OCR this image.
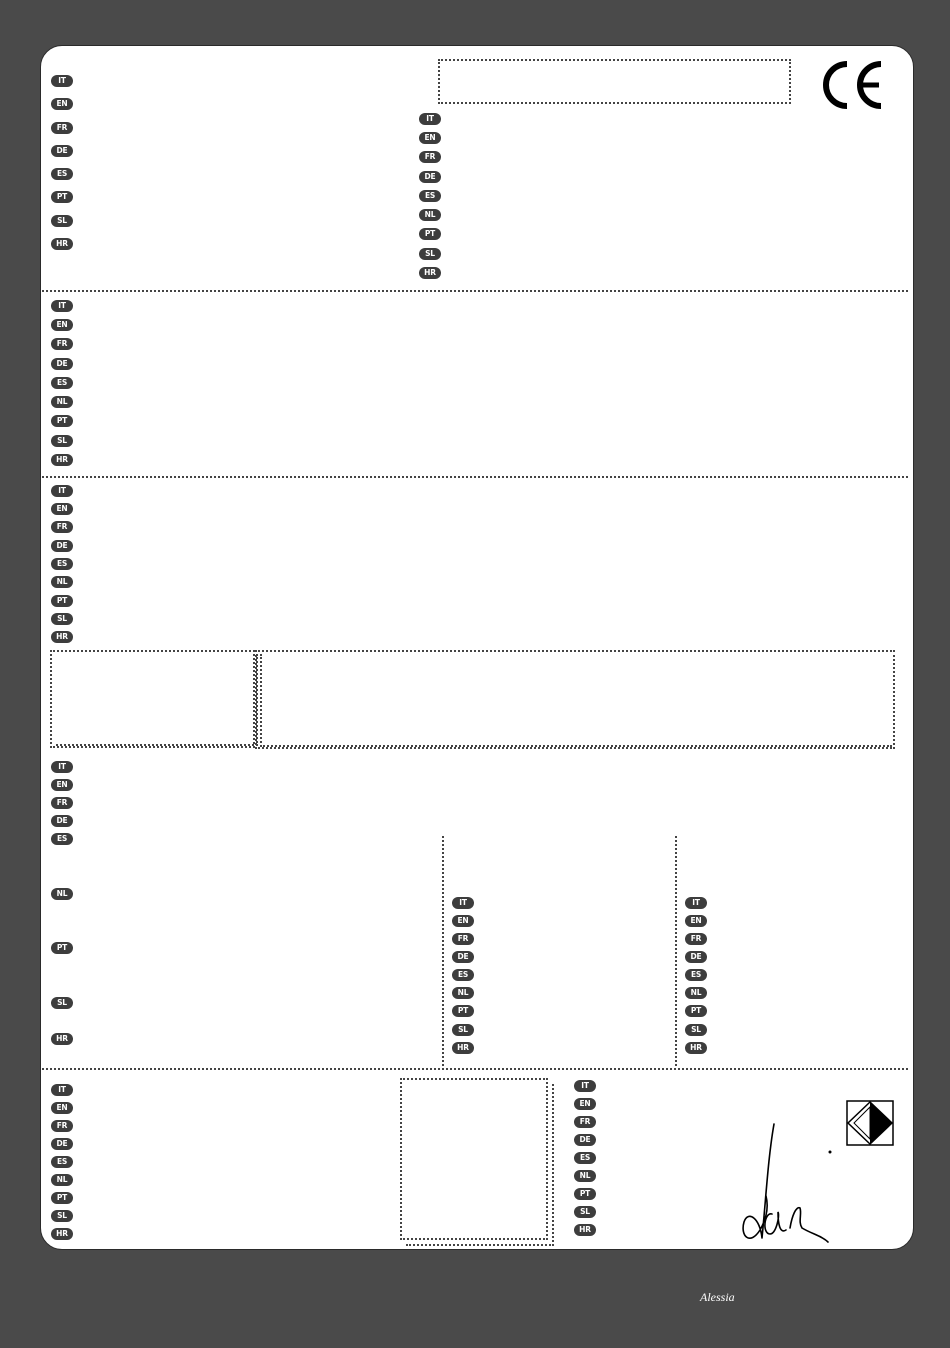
IT
EN
FR
DE
ES
PT
SL
HR
IT
EN
FR
DE
ES
NL
PT
SL
HR
IT
EN
FR
DE
ES
NL
PT
SL
HR
IT
EN
FR
DE
ES
NL
PT
SL
HR
IT
EN
FR
DE
ES
NL
PT
SL
HR
IT
EN
FR
DE
ES
NL
PT
SL
HR
IT
EN
FR
DE
ES
NL
PT
SL
HR
IT
EN
FR
DE
ES
NL
PT
SL
HR
IT
EN
FR
DE
ES
NL
PT
SL
HR
Alessia
